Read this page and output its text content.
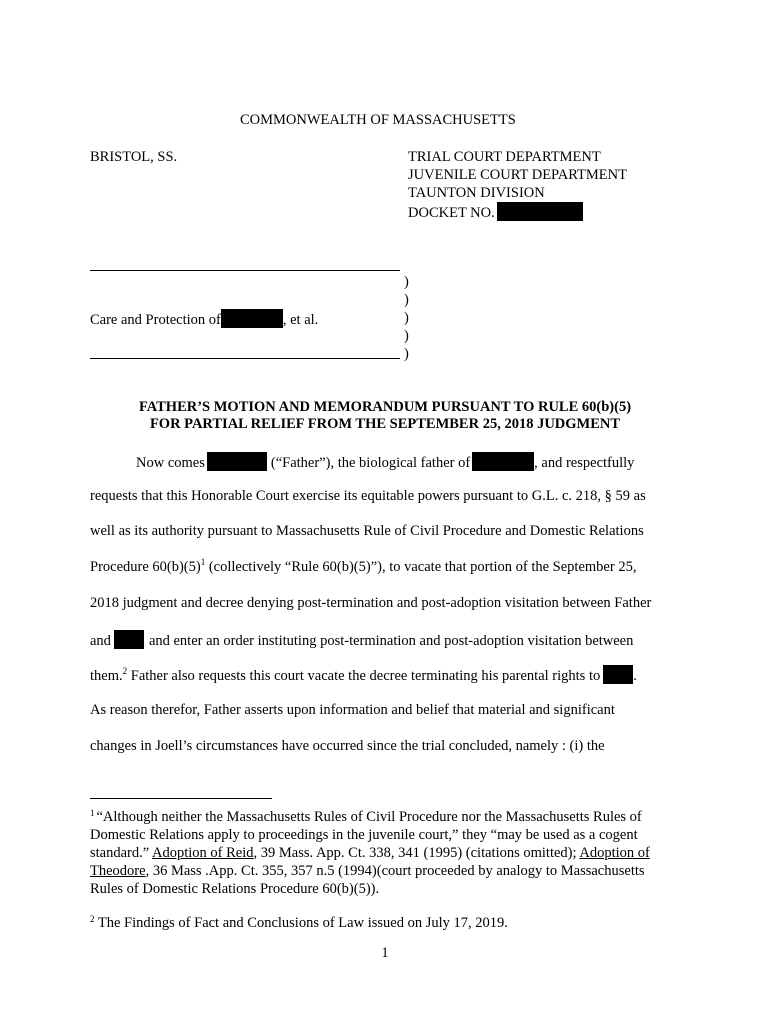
COMMONWEALTH OF MASSACHUSETTS
BRISTOL, SS.	TRIAL COURT DEPARTMENT
JUVENILE COURT DEPARTMENT
TAUNTON DIVISION
DOCKET NO.
)
)
Care and Protection of	, et al.	)
)
)
FATHER’S MOTION AND MEMORANDUM PURSUANT TO RULE 60(b)(5)
FOR PARTIAL RELIEF FROM THE SEPTEMBER 25, 2018 JUDGMENT
Now comes	(“Father”), the biological father of	, and respectfully
requests that this Honorable Court exercise its equitable powers pursuant to G.L. c. 218, § 59 as
well as its authority pursuant to Massachusetts Rule of Civil Procedure and Domestic Relations
Procedure $60(b)(5)^1$ (collectively “Rule 60(b)(5)”), to vacate that portion of the September 25,
2018 judgment and decree denying post-termination and post-adoption visitation between Father
and	and enter an order instituting post-termination and post-adoption visitation between
them.$^2$ Father also requests this court vacate the decree terminating his parental rights to .
As reason therefor, Father asserts upon information and belief that material and significant
changes in Joell’s circumstances have occurred since the trial concluded, namely : (i) the
$^1$ “Although neither the Massachusetts Rules of Civil Procedure nor the Massachusetts Rules of
Domestic Relations apply to proceedings in the juvenile court,” they “may be used as a cogent
standard.” Adoption of Reid, 39 Mass. App. Ct. 338, 341 (1995) (citations omitted); Adoption of
Theodore, 36 Mass .App. Ct. 355, 357 n.5 (1994)(court proceeded by analogy to Massachusetts
Rules of Domestic Relations Procedure 60(b)(5)).
$^2$ The Findings of Fact and Conclusions of Law issued on July 17, 2019.
1
